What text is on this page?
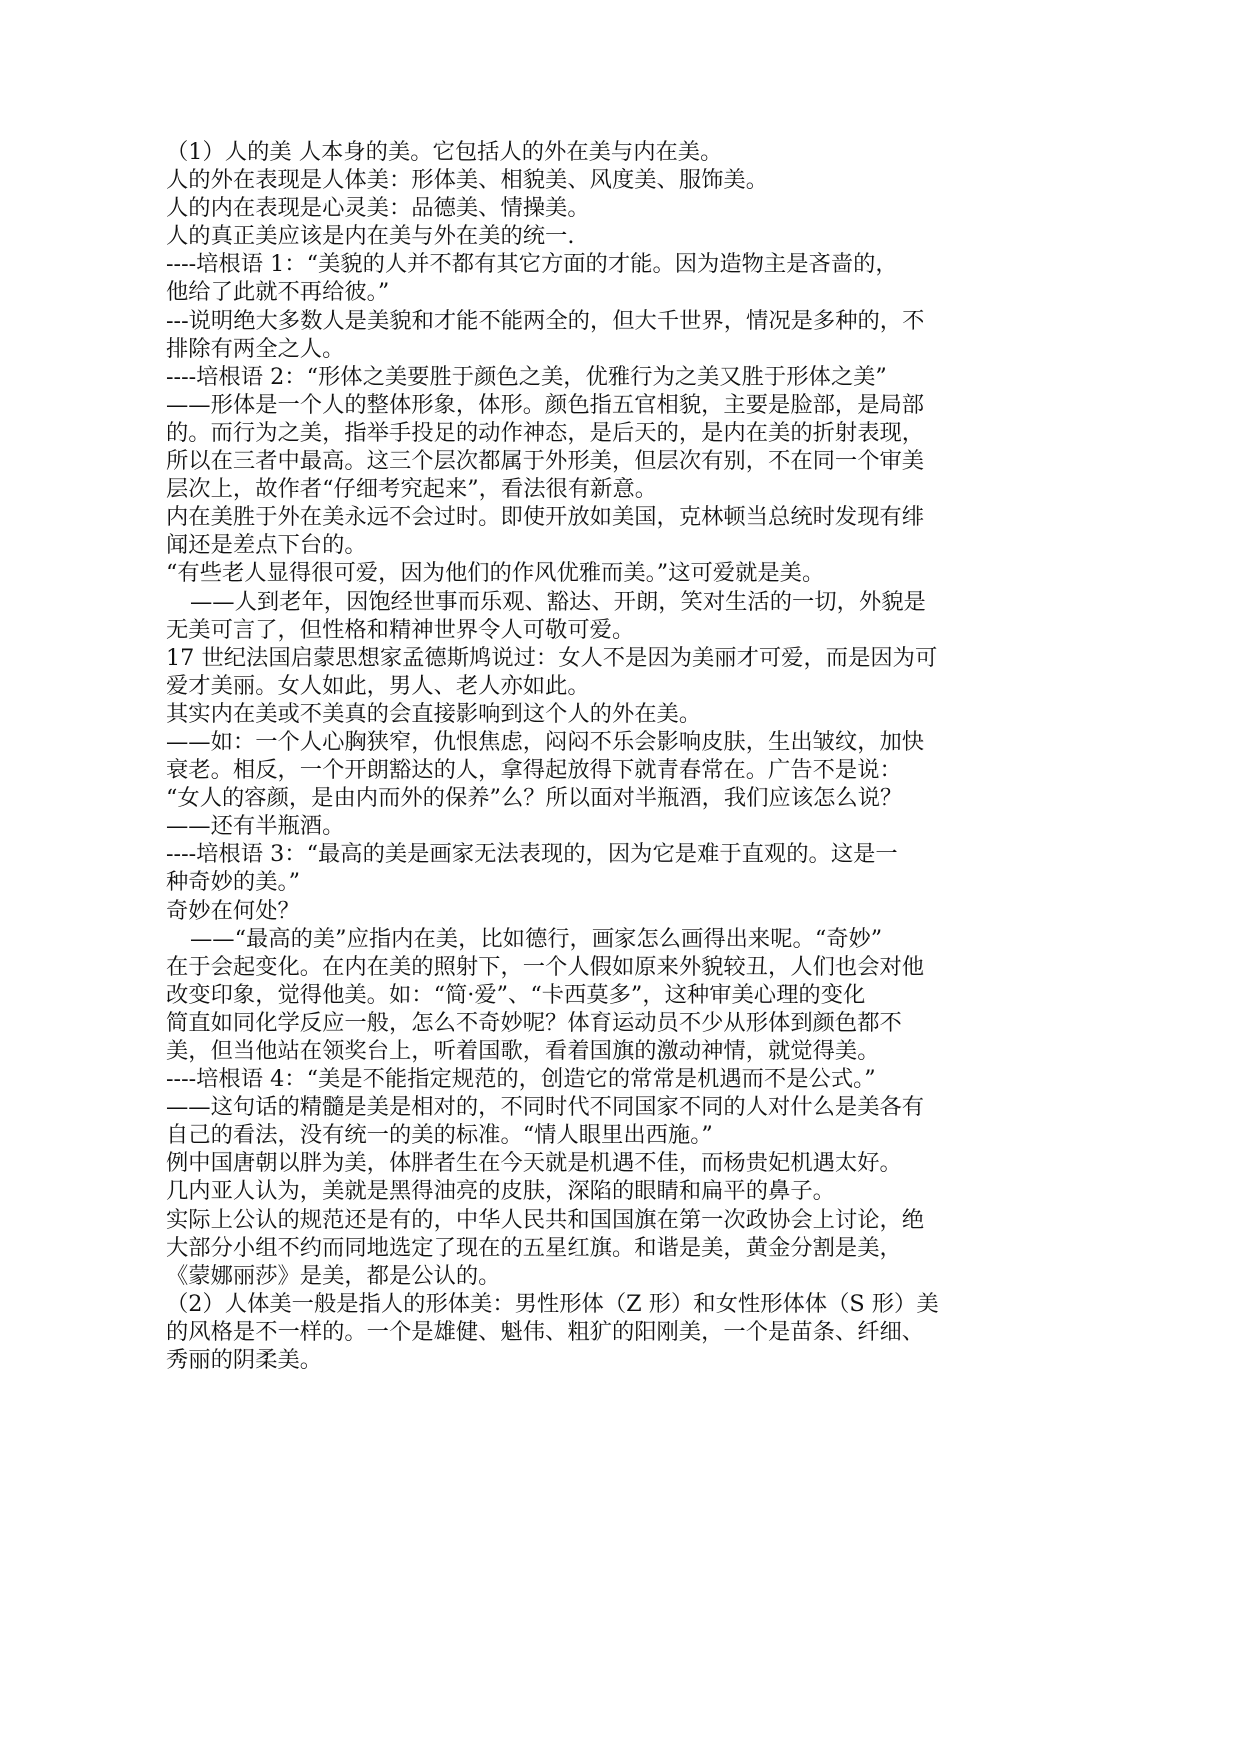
（1）人的美 人本身的美。它包括人的外在美与内在美。
人的外在表现是人体美：形体美、相貌美、风度美、服饰美。
人的内在表现是心灵美：品德美、情操美。
人的真正美应该是内在美与外在美的统一.
----培根语 1：“美貌的人并不都有其它方面的才能。因为造物主是吝啬的，
他给了此就不再给彼。”
---说明绝大多数人是美貌和才能不能两全的，但大千世界，情况是多种的，不
排除有两全之人。
----培根语 2：“形体之美要胜于颜色之美，优雅行为之美又胜于形体之美”
——形体是一个人的整体形象，体形。颜色指五官相貌，主要是脸部，是局部
的。而行为之美，指举手投足的动作神态，是后天的，是内在美的折射表现，
所以在三者中最高。这三个层次都属于外形美，但层次有别，不在同一个审美
层次上，故作者“仔细考究起来”，看法很有新意。
内在美胜于外在美永远不会过时。即使开放如美国，克林顿当总统时发现有绯
闻还是差点下台的。
“有些老人显得很可爱，因为他们的作风优雅而美。”这可爱就是美。
——人到老年，因饱经世事而乐观、豁达、开朗，笑对生活的一切，外貌是
无美可言了，但性格和精神世界令人可敬可爱。
17 世纪法国启蒙思想家孟德斯鸠说过：女人不是因为美丽才可爱，而是因为可
爱才美丽。女人如此，男人、老人亦如此。
其实内在美或不美真的会直接影响到这个人的外在美。
——如：一个人心胸狭窄，仇恨焦虑，闷闷不乐会影响皮肤，生出皱纹，加快
衰老。相反，一个开朗豁达的人，拿得起放得下就青春常在。广告不是说：
“女人的容颜，是由内而外的保养”么？所以面对半瓶酒，我们应该怎么说？
——还有半瓶酒。
----培根语 3：“最高的美是画家无法表现的，因为它是难于直观的。这是一
种奇妙的美。”
奇妙在何处？
——“最高的美”应指内在美，比如德行，画家怎么画得出来呢。“奇妙”
在于会起变化。在内在美的照射下，一个人假如原来外貌较丑，人们也会对他
改变印象，觉得他美。如：“简·爱”、“卡西莫多”，这种审美心理的变化
简直如同化学反应一般，怎么不奇妙呢？体育运动员不少从形体到颜色都不
美，但当他站在领奖台上，听着国歌，看着国旗的激动神情，就觉得美。
----培根语 4：“美是不能指定规范的，创造它的常常是机遇而不是公式。”
——这句话的精髓是美是相对的，不同时代不同国家不同的人对什么是美各有
自己的看法，没有统一的美的标准。“情人眼里出西施。”
例中国唐朝以胖为美，体胖者生在今天就是机遇不佳，而杨贵妃机遇太好。
几内亚人认为，美就是黑得油亮的皮肤，深陷的眼睛和扁平的鼻子。
实际上公认的规范还是有的，中华人民共和国国旗在第一次政协会上讨论，绝
大部分小组不约而同地选定了现在的五星红旗。和谐是美，黄金分割是美，
《蒙娜丽莎》是美，都是公认的。
（2）人体美一般是指人的形体美：男性形体（Z 形）和女性形体体（S 形）美
的风格是不一样的。一个是雄健、魁伟、粗犷的阳刚美，一个是苗条、纤细、
秀丽的阴柔美。
